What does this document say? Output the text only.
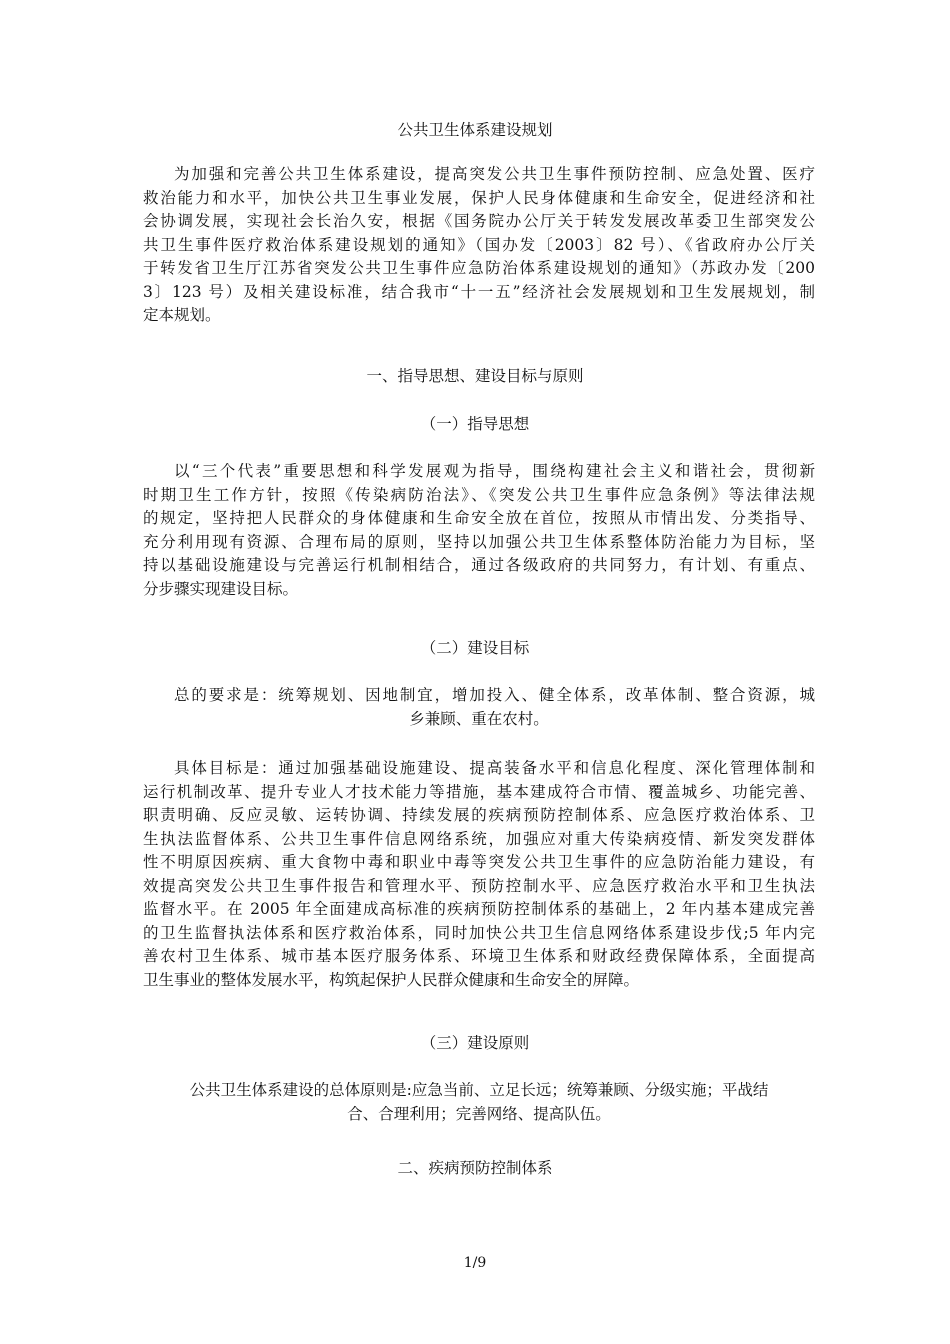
公共卫生体系建设规划
为加强和完善公共卫生体系建设，提高突发公共卫生事件预防控制、应急处置、医疗
救治能力和水平，加快公共卫生事业发展，保护人民身体健康和生命安全，促进经济和社
会协调发展，实现社会长治久安，根据《国务院办公厅关于转发发展改革委卫生部突发公
共卫生事件医疗救治体系建设规划的通知》（国办发〔2003〕82 号）、《省政府办公厅关
于转发省卫生厅江苏省突发公共卫生事件应急防治体系建设规划的通知》（苏政办发〔200
3〕123 号）及相关建设标准，结合我市“十一五”经济社会发展规划和卫生发展规划，制
定本规划。
一、指导思想、建设目标与原则
（一）指导思想
以“三个代表”重要思想和科学发展观为指导，围绕构建社会主义和谐社会，贯彻新
时期卫生工作方针，按照《传染病防治法》、《突发公共卫生事件应急条例》等法律法规
的规定，坚持把人民群众的身体健康和生命安全放在首位，按照从市情出发、分类指导、
充分利用现有资源、合理布局的原则，坚持以加强公共卫生体系整体防治能力为目标，坚
持以基础设施建设与完善运行机制相结合，通过各级政府的共同努力，有计划、有重点、
分步骤实现建设目标。
（二）建设目标
总的要求是：统筹规划、因地制宜，增加投入、健全体系，改革体制、整合资源，城
乡兼顾、重在农村。
具体目标是：通过加强基础设施建设、提高装备水平和信息化程度、深化管理体制和
运行机制改革、提升专业人才技术能力等措施，基本建成符合市情、覆盖城乡、功能完善、
职责明确、反应灵敏、运转协调、持续发展的疾病预防控制体系、应急医疗救治体系、卫
生执法监督体系、公共卫生事件信息网络系统，加强应对重大传染病疫情、新发突发群体
性不明原因疾病、重大食物中毒和职业中毒等突发公共卫生事件的应急防治能力建设，有
效提高突发公共卫生事件报告和管理水平、预防控制水平、应急医疗救治水平和卫生执法
监督水平。在 2005 年全面建成高标准的疾病预防控制体系的基础上，2 年内基本建成完善
的卫生监督执法体系和医疗救治体系，同时加快公共卫生信息网络体系建设步伐;5 年内完
善农村卫生体系、城市基本医疗服务体系、环境卫生体系和财政经费保障体系，全面提高
卫生事业的整体发展水平，构筑起保护人民群众健康和生命安全的屏障。
（三）建设原则
公共卫生体系建设的总体原则是:应急当前、立足长远；统筹兼顾、分级实施；平战结
合、合理利用；完善网络、提高队伍。
二、疾病预防控制体系
1/9
